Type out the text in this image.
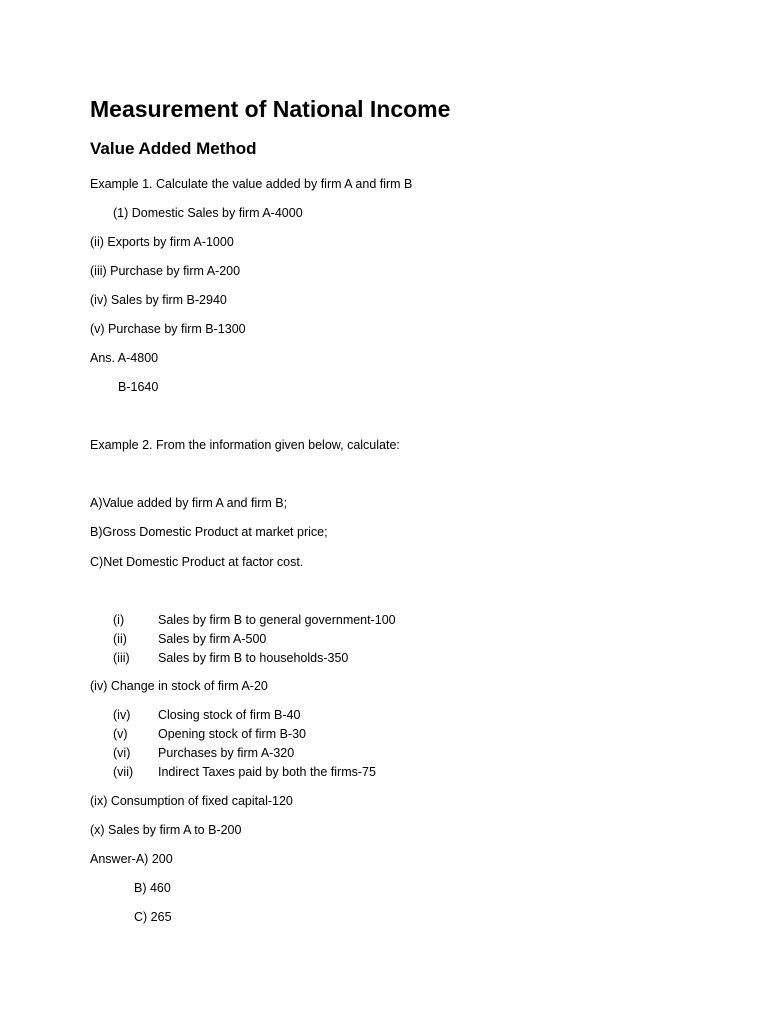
Measurement of National Income
Value Added Method
Example 1. Calculate the value added by firm A and firm B
(1) Domestic Sales by firm A-4000
(ii) Exports by firm A-1000
(iii) Purchase by firm A-200
(iv) Sales by firm B-2940
(v) Purchase by firm B-1300
Ans. A-4800
B-1640
Example 2. From the information given below, calculate:
A)Value added by firm A and firm B;
B)Gross Domestic Product at market price;
C)Net Domestic Product at factor cost.
(i)	Sales by firm B to general government-100
(ii) Sales by firm A-500
(iii) Sales by firm B to households-350
(iv) Change in stock of firm A-20
(iv) Closing stock of firm B-40
(v) Opening stock of firm B-30
(vi) Purchases by firm A-320
(vii) Indirect Taxes paid by both the firms-75
(ix) Consumption of fixed capital-120
(x) Sales by firm A to B-200
Answer-A) 200
B) 460
C) 265
